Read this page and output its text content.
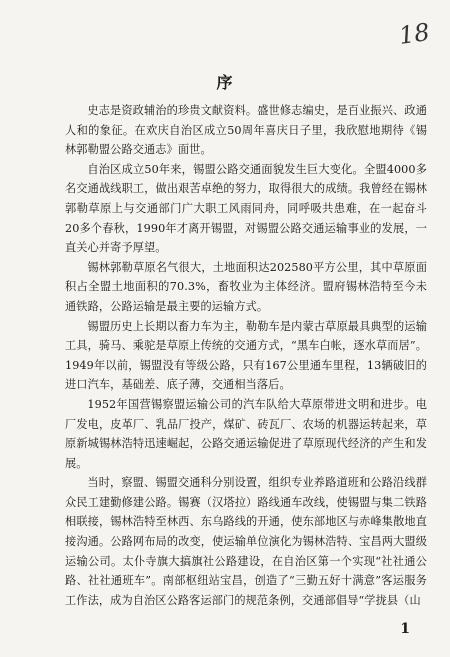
18
序

史志是资政辅治的珍贵文献资料。盛世修志编史，是百业振兴、政通人和的象征。在欢庆自治区成立50周年喜庆日子里，我欣慰地期待《锡林郭勒盟公路交通志》面世。

自治区成立50年来，锡盟公路交通面貌发生巨大变化。全盟4000多名交通战线职工，做出艰苦卓绝的努力，取得很大的成绩。我曾经在锡林郭勒草原上与交通部门广大职工风雨同舟，同呼吸共患难，在一起奋斗20多个春秋，1990年才离开锡盟，对锡盟公路交通运输事业的发展，一直关心并寄予厚望。

锡林郭勒草原名气很大，土地面积达202580平方公里，其中草原面积占全盟土地面积的70.3%，畜牧业为主体经济。盟府锡林浩特至今未通铁路，公路运输是最主要的运输方式。

锡盟历史上长期以畜力车为主，勒勒车是内蒙古草原最具典型的运输工具，骑马、乘驼是草原上传统的交通方式，“黑车白帐，逐水草而居”。1949年以前，锡盟没有等级公路，只有167公里通车里程，13辆破旧的进口汽车，基础差、底子薄，交通相当落后。

1952年国营锡察盟运输公司的汽车队给大草原带进文明和进步。电厂发电，皮革厂、乳品厂投产，煤矿、砖瓦厂、农场的机器运转起来，草原新城锡林浩特迅速崛起，公路交通运输促进了草原现代经济的产生和发展。

当时，察盟、锡盟交通科分别设置，组织专业养路道班和公路沿线群众民工建勤修建公路。锡赛（汉塔拉）路线通车改线，使锡盟与集二铁路相联接，锡林浩特至林西、东乌路线的开通，使东部地区与赤峰集散地直接沟通。公路网布局的改变，使运输单位演化为锡林浩特、宝昌两大盟级运输公司。太仆寺旗大搞旗社公路建设，在自治区第一个实现“社社通公路、社社通班车”。南部枢纽站宝昌，创造了“三勤五好十满意”客运服务工作法，成为自治区公路客运部门的规范条例，交通部倡导“学拢县（山

1
